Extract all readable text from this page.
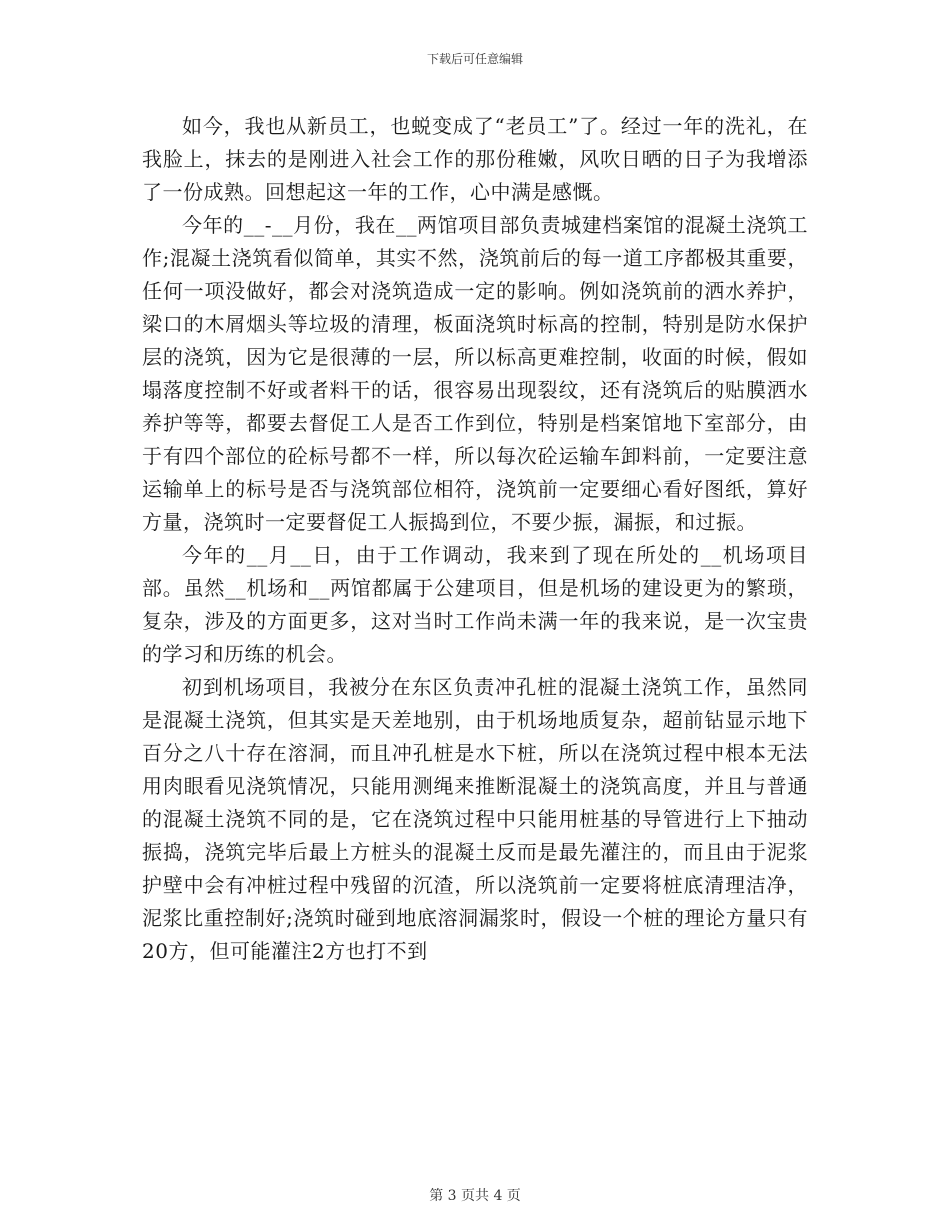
下载后可任意编辑

如今，我也从新员工，也蜕变成了“老员工”了。经过一年的洗礼，在我脸上，抹去的是刚进入社会工作的那份稚嫩，风吹日晒的日子为我增添了一份成熟。回想起这一年的工作，心中满是感慨。

今年的__-__月份，我在__两馆项目部负责城建档案馆的混凝土浇筑工作;混凝土浇筑看似简单，其实不然，浇筑前后的每一道工序都极其重要，任何一项没做好，都会对浇筑造成一定的影响。例如浇筑前的洒水养护，梁口的木屑烟头等垃圾的清理，板面浇筑时标高的控制，特别是防水保护层的浇筑，因为它是很薄的一层，所以标高更难控制，收面的时候，假如塌落度控制不好或者料干的话，很容易出现裂纹，还有浇筑后的贴膜洒水养护等等，都要去督促工人是否工作到位，特别是档案馆地下室部分，由于有四个部位的砼标号都不一样，所以每次砼运输车卸料前，一定要注意运输单上的标号是否与浇筑部位相符，浇筑前一定要细心看好图纸，算好方量，浇筑时一定要督促工人振捣到位，不要少振，漏振，和过振。

今年的__月__日，由于工作调动，我来到了现在所处的__机场项目部。虽然__机场和__两馆都属于公建项目，但是机场的建设更为的繁琐，复杂，涉及的方面更多，这对当时工作尚未满一年的我来说，是一次宝贵的学习和历练的机会。

初到机场项目，我被分在东区负责冲孔桩的混凝土浇筑工作，虽然同是混凝土浇筑，但其实是天差地别，由于机场地质复杂，超前钻显示地下百分之八十存在溶洞，而且冲孔桩是水下桩，所以在浇筑过程中根本无法用肉眼看见浇筑情况，只能用测绳来推断混凝土的浇筑高度，并且与普通的混凝土浇筑不同的是，它在浇筑过程中只能用桩基的导管进行上下抽动振捣，浇筑完毕后最上方桩头的混凝土反而是最先灌注的，而且由于泥浆护壁中会有冲桩过程中残留的沉渣，所以浇筑前一定要将桩底清理洁净，泥浆比重控制好;浇筑时碰到地底溶洞漏浆时，假设一个桩的理论方量只有20方，但可能灌注2方也打不到

第 3 页共 4 页
